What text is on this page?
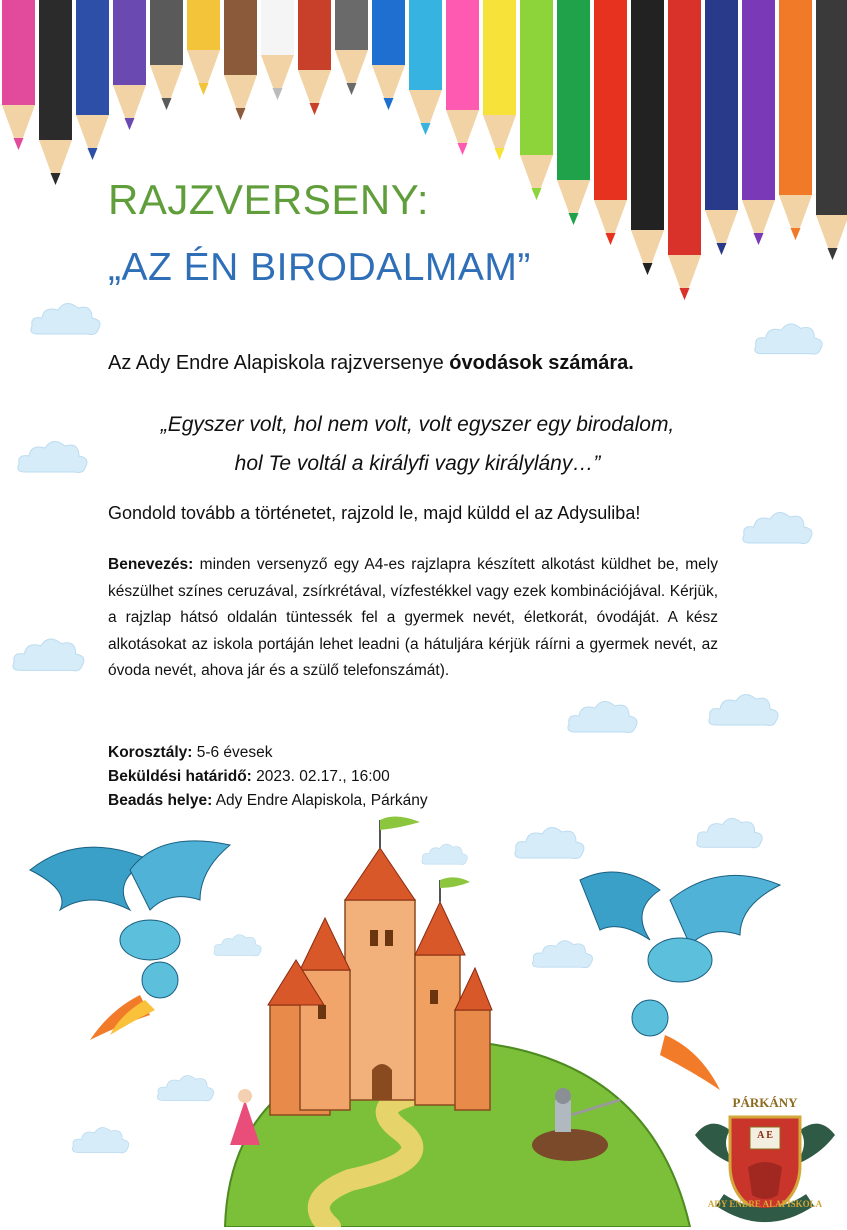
RAJZVERSENY:
„AZ ÉN BIRODALMAM”
Az Ady Endre Alapiskola rajzversenye óvodások számára.
„Egyszer volt, hol nem volt, volt egyszer egy birodalom,
hol Te voltál a királyfi vagy királylány…”
Gondold tovább a történetet, rajzold le, majd küldd el az Adysuliba!
Benevezés: minden versenyző egy A4-es rajzlapra készített alkotást küldhet be, mely készülhet színes ceruzával, zsírkrétával, vízfestékkel vagy ezek kombinációjával. Kérjük, a rajzlap hátsó oldalán tüntessék fel a gyermek nevét, életkorát, óvodáját. A kész alkotásokat az iskola portáján lehet leadni (a hátuljára kérjük ráírni a gyermek nevét, az óvoda nevét, ahova jár és a szülő telefonszámát).
Korosztály: 5-6 évesek
Beküldési határidő: 2023. 02.17., 16:00
Beadás helye: Ady Endre Alapiskola, Párkány
PÁRKÁNY
A E
ADY ENDRE ALAPISKOLA
